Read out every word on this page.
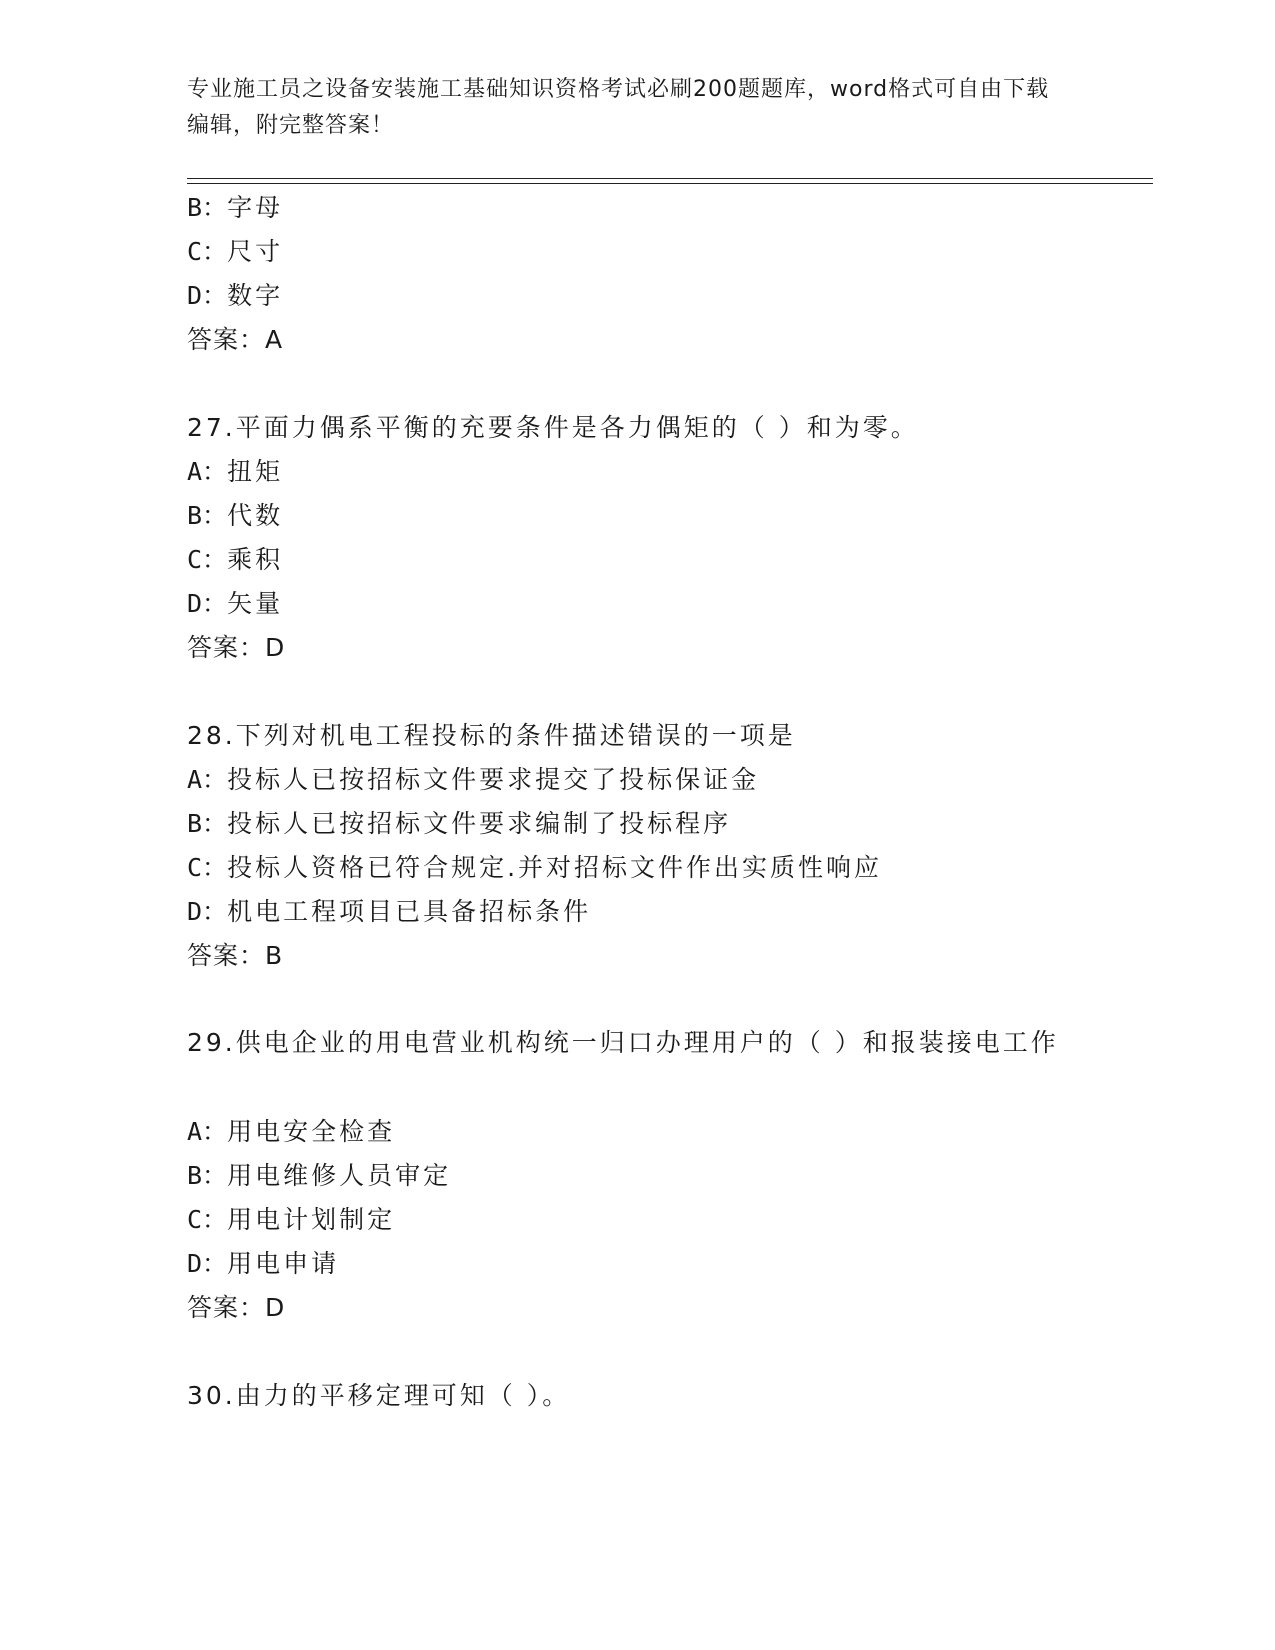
专业施工员之设备安装施工基础知识资格考试必刷200题题库，word格式可自由下载编辑，附完整答案！
B：字母
C：尺寸
D：数字
答案：A
27.平面力偶系平衡的充要条件是各力偶矩的（ ）和为零。
A：扭矩
B：代数
C：乘积
D：矢量
答案：D
28.下列对机电工程投标的条件描述错误的一项是
A：投标人已按招标文件要求提交了投标保证金
B：投标人已按招标文件要求编制了投标程序
C：投标人资格已符合规定.并对招标文件作出实质性响应
D：机电工程项目已具备招标条件
答案：B
29.供电企业的用电营业机构统一归口办理用户的（ ）和报装接电工作
A：用电安全检查
B：用电维修人员审定
C：用电计划制定
D：用电申请
答案：D
30.由力的平移定理可知（ ）。
